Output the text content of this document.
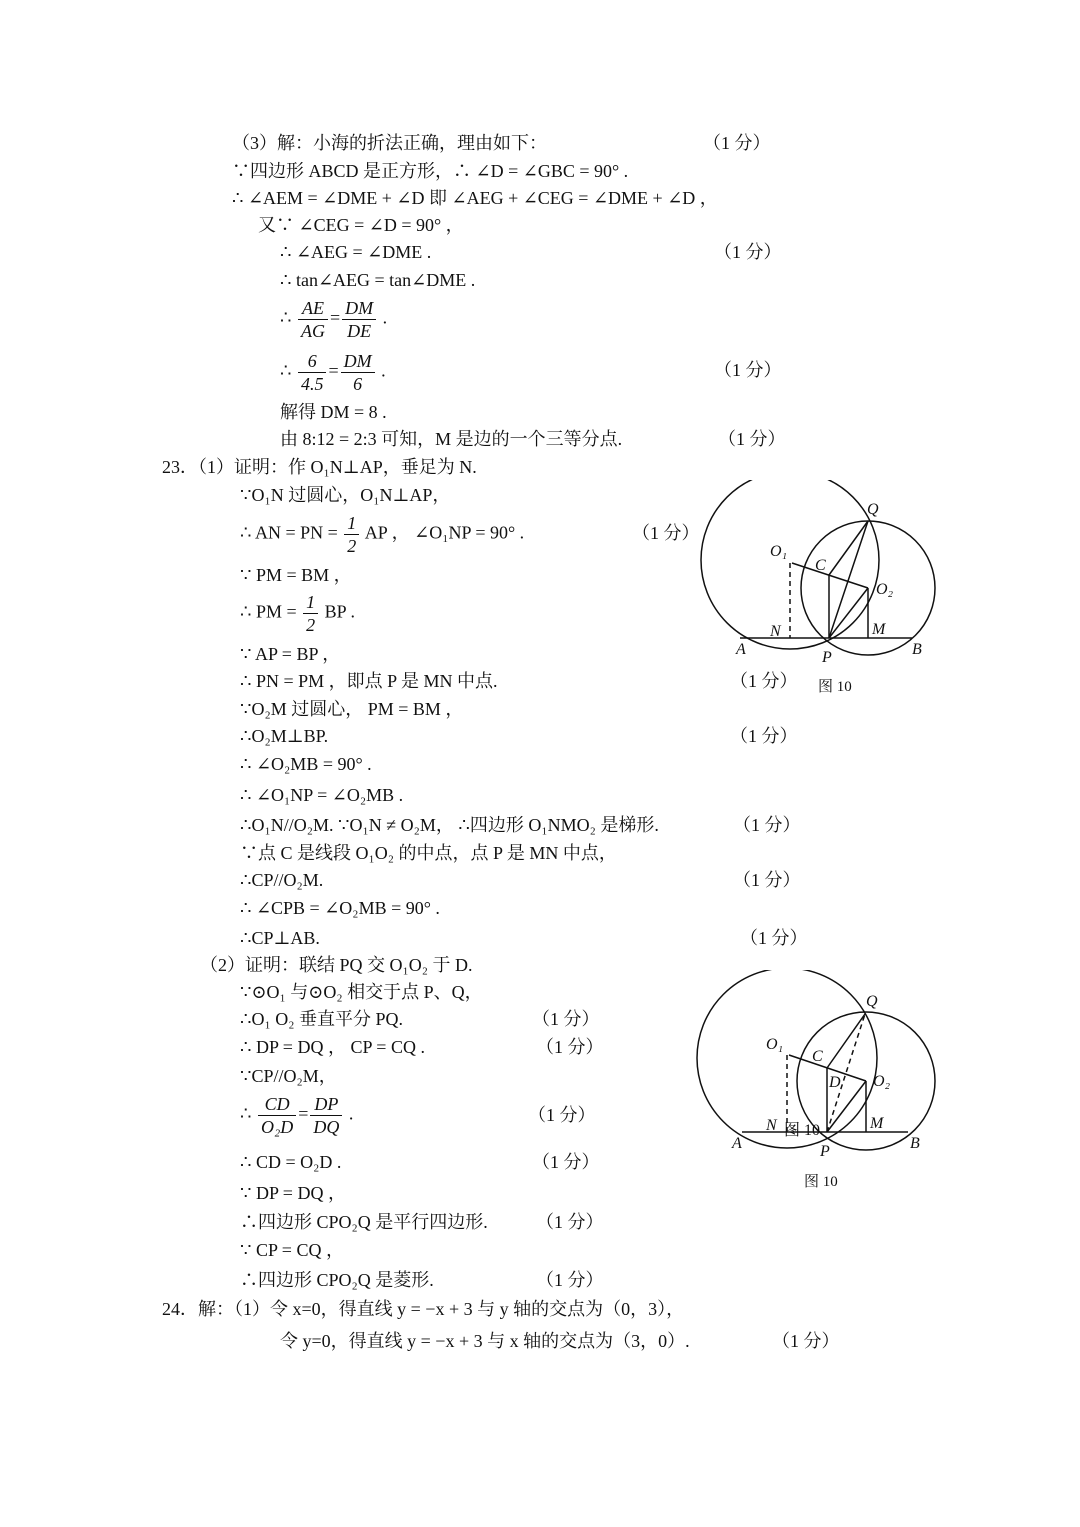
（3）解：小海的折法正确，理由如下：	（1 分）
∵四边形 ABCD 是正方形，∴ ∠D = ∠GBC = 90° .
∴ ∠AEM = ∠DME + ∠D 即 ∠AEG + ∠CEG = ∠DME + ∠D ，
又∵ ∠CEG = ∠D = 90° ，
∴ ∠AEG = ∠DME .	（1 分）
∴ tan∠AEG = tan∠DME .
∴ $\frac{AE}{AG} = \frac{DM}{DE}$ .
∴ $\frac{6}{4.5} = \frac{DM}{6}$ .	（1 分）
解得 DM = 8 .
由 8:12 = 2:3 可知，M 是边的一个三等分点.	（1 分）
23．（1）证明：作 O₁N⊥AP，垂足为 N.
∵O₁N 过圆心，O₁N⊥AP，
∴ AN = PN = $\frac{1}{2}$ AP ， ∠O₁NP = 90° .	（1 分）
∵ PM = BM ，
∴ PM = $\frac{1}{2}$ BP .
∵ AP = BP ，
∴ PN = PM ，即点 P 是 MN 中点.	（1 分）
∵O₂M 过圆心， PM = BM ，
∴O₂M⊥BP.	（1 分）
∴ ∠O₂MB = 90° .
∴ ∠O₁NP = ∠O₂MB .
∴O₁N//O₂M. ∵O₁N ≠ O₂M， ∴四边形 O₁NMO₂ 是梯形.	（1 分）
∵点 C 是线段 O₁O₂ 的中点，点 P 是 MN 中点，
∴CP//O₂M.	（1 分）
∴ ∠CPB = ∠O₂MB = 90° .
∴CP⊥AB.	（1 分）
（2）证明：联结 PQ 交 O₁O₂ 于 D.
∵⊙O₁ 与⊙O₂ 相交于点 P、Q，
∴O₁ O₂ 垂直平分 PQ.	（1 分）
∴ DP = DQ ， CP = CQ .	（1 分）
∵CP//O₂M，
∴ $\frac{CD}{\text{O₂D}} = \frac{DP}{DQ}$ .	（1 分）
∴ CD = O₂D .	（1 分）
∵ DP = DQ ，
∴四边形 CPO₂Q 是平行四边形.	（1 分）
∵ CP = CQ ，
∴四边形 CPO₂Q 是菱形.	（1 分）
24．解：（1）令 x=0，得直线 y = −x + 3 与 y 轴的交点为（0，3），
令 y=0，得直线 y = −x + 3 与 x 轴的交点为（3，0）.	（1 分）
Q
O₁
C
O₂
N	M
A	P	B
图 10
Q
O₁
C
D O₂
N 图 10	M
A	P	B
图 10
